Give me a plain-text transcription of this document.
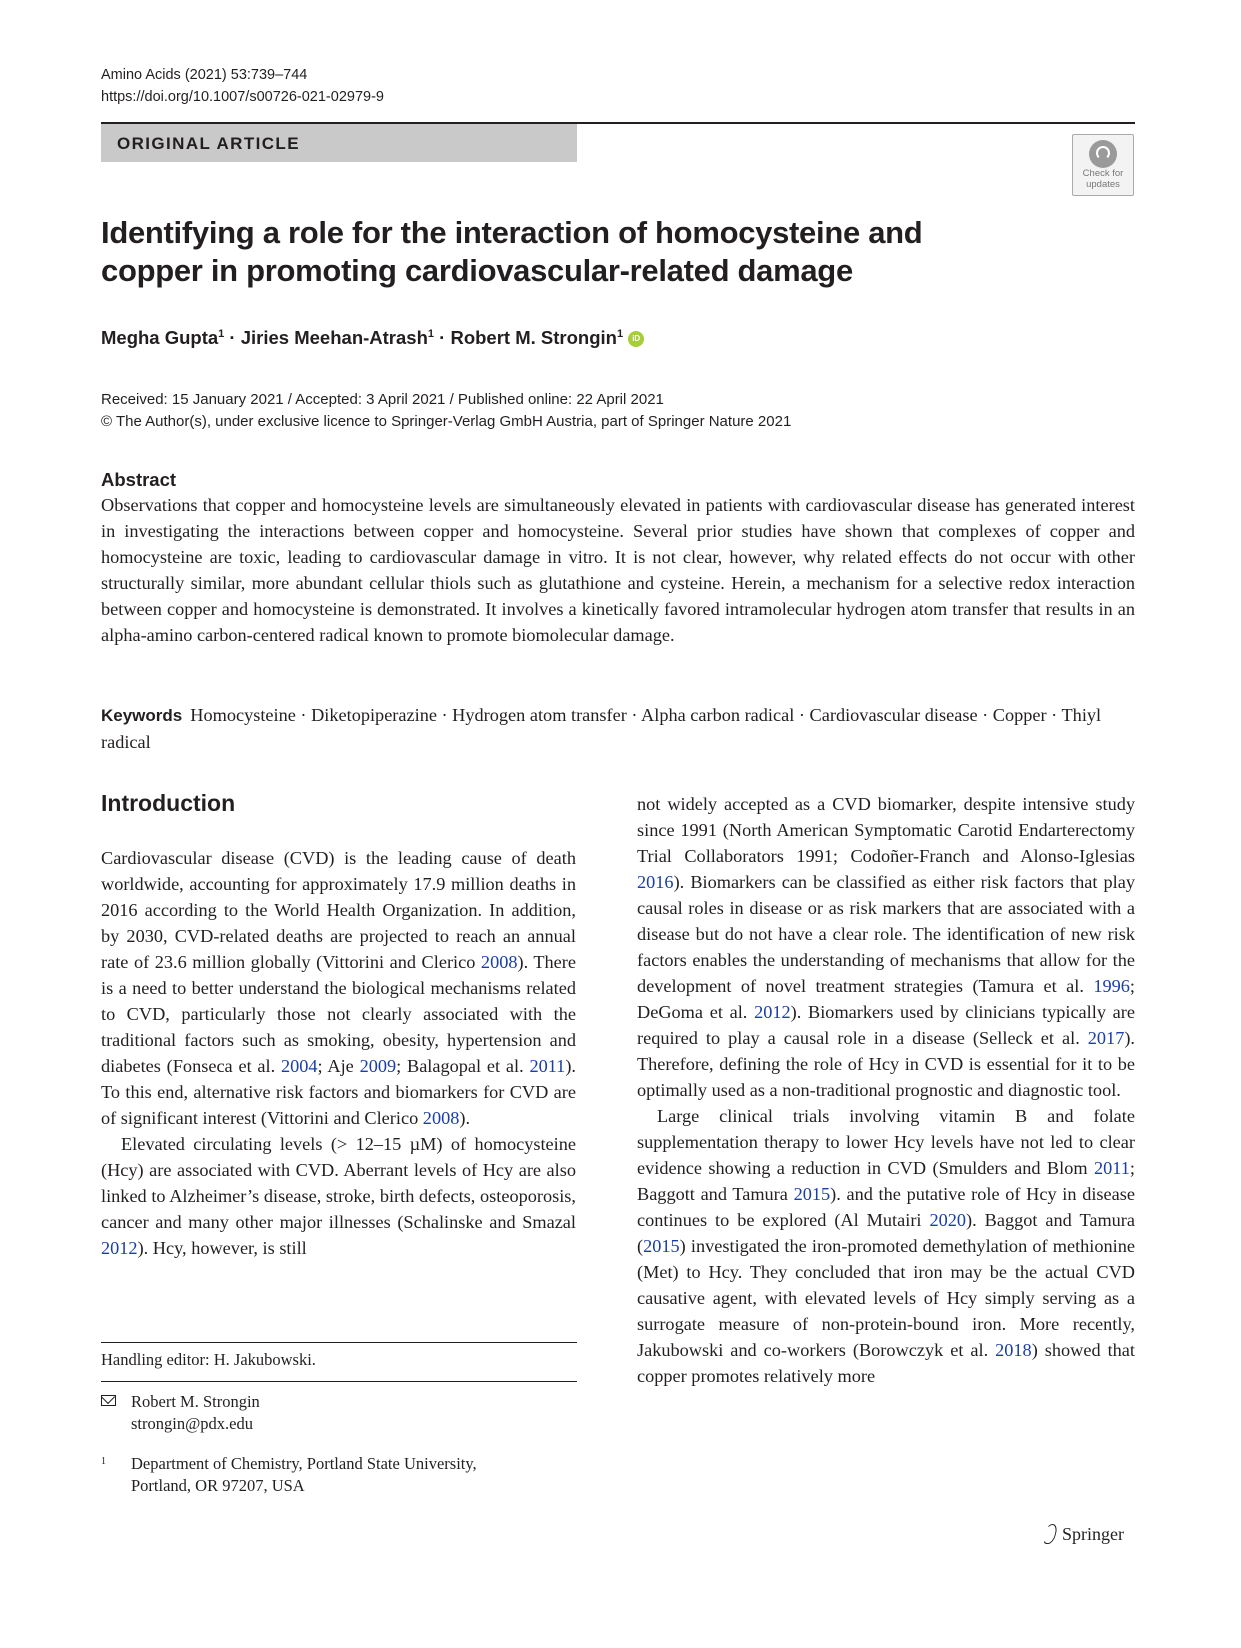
Amino Acids (2021) 53:739–744
https://doi.org/10.1007/s00726-021-02979-9
ORIGINAL ARTICLE
Check for
updates
Identifying a role for the interaction of homocysteine and copper in promoting cardiovascular-related damage
Megha Gupta$^1$ · Jiries Meehan-Atrash$^1$ · Robert M. Strongin$^1$ iD
Received: 15 January 2021 / Accepted: 3 April 2021 / Published online: 22 April 2021
© The Author(s), under exclusive licence to Springer-Verlag GmbH Austria, part of Springer Nature 2021
Abstract
Observations that copper and homocysteine levels are simultaneously elevated in patients with cardiovascular disease has generated interest in investigating the interactions between copper and homocysteine. Several prior studies have shown that complexes of copper and homocysteine are toxic, leading to cardiovascular damage in vitro. It is not clear, however, why related effects do not occur with other structurally similar, more abundant cellular thiols such as glutathione and cysteine. Herein, a mechanism for a selective redox interaction between copper and homocysteine is demonstrated. It involves a kinetically favored intramolecular hydrogen atom transfer that results in an alpha-amino carbon-centered radical known to promote biomolecular damage.
Keywords Homocysteine · Diketopiperazine · Hydrogen atom transfer · Alpha carbon radical · Cardiovascular disease · Copper · Thiyl radical
Introduction

Cardiovascular disease (CVD) is the leading cause of death worldwide, accounting for approximately 17.9 million deaths in 2016 according to the World Health Organization. In addition, by 2030, CVD-related deaths are projected to reach an annual rate of 23.6 million globally (Vittorini and Clerico 2008). There is a need to better understand the biological mechanisms related to CVD, particularly those not clearly associated with the traditional factors such as smoking, obesity, hypertension and diabetes (Fonseca et al. 2004; Aje 2009; Balagopal et al. 2011). To this end, alternative risk factors and biomarkers for CVD are of significant interest (Vittorini and Clerico 2008).

Elevated circulating levels (> 12–15 µM) of homocysteine (Hcy) are associated with CVD. Aberrant levels of Hcy are also linked to Alzheimer’s disease, stroke, birth defects, osteoporosis, cancer and many other major illnesses (Schalinske and Smazal 2012). Hcy, however, is still

not widely accepted as a CVD biomarker, despite intensive study since 1991 (North American Symptomatic Carotid Endarterectomy Trial Collaborators 1991; Codoñer-Franch and Alonso-Iglesias 2016). Biomarkers can be classified as either risk factors that play causal roles in disease or as risk markers that are associated with a disease but do not have a clear role. The identification of new risk factors enables the understanding of mechanisms that allow for the development of novel treatment strategies (Tamura et al. 1996; DeGoma et al. 2012). Biomarkers used by clinicians typically are required to play a causal role in a disease (Selleck et al. 2017). Therefore, defining the role of Hcy in CVD is essential for it to be optimally used as a non-traditional prognostic and diagnostic tool.

Large clinical trials involving vitamin B and folate supplementation therapy to lower Hcy levels have not led to clear evidence showing a reduction in CVD (Smulders and Blom 2011; Baggott and Tamura 2015). and the putative role of Hcy in disease continues to be explored (Al Mutairi 2020). Baggot and Tamura (2015) investigated the iron-promoted demethylation of methionine (Met) to Hcy. They concluded that iron may be the actual CVD causative agent, with elevated levels of Hcy simply serving as a surrogate measure of non-protein-bound iron. More recently, Jakubowski and co-workers (Borowczyk et al. 2018) showed that copper promotes relatively more

Handling editor: H. Jakubowski.
Robert M. Strongin
strongin@pdx.edu
1 Department of Chemistry, Portland State University,
Portland, OR 97207, USA
Springer
